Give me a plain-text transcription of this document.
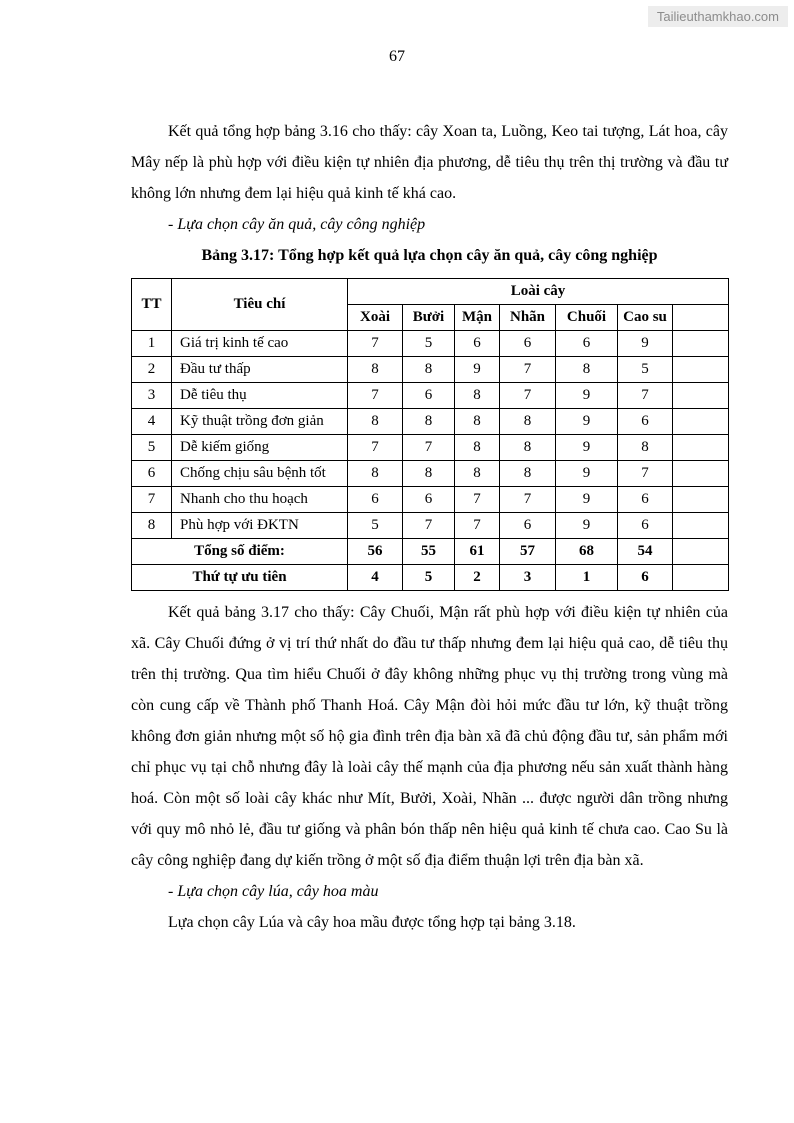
Tailieuthamkhao.com
67

Kết quả tổng hợp bảng 3.16 cho thấy: cây Xoan ta, Luồng, Keo tai tượng, Lát hoa, cây Mây nếp là phù hợp với điều kiện tự nhiên địa phương, dễ tiêu thụ trên thị trường và đầu tư không lớn nhưng đem lại hiệu quả kinh tế khá cao.

- Lựa chọn cây ăn quả, cây công nghiệp

Bảng 3.17: Tổng hợp kết quả lựa chọn cây ăn quả, cây công nghiệp

TT	Tiêu chí	Loài cây						
		Xoài	Bưởi	Mận	Nhãn	Chuối	Cao su	
1	Giá trị kinh tế cao	7	5	6	6	6	9	
2	Đầu tư thấp	8	8	9	7	8	5	
3	Dễ tiêu thụ	7	6	8	7	9	7	
4	Kỹ thuật trồng đơn giản	8	8	8	8	9	6	
5	Dễ kiếm giống	7	7	8	8	9	8	
6	Chống chịu sâu bệnh tốt	8	8	8	8	9	7	
7	Nhanh cho thu hoạch	6	6	7	7	9	6	
8	Phù hợp với ĐKTN	5	7	7	6	9	6	
Tổng số điểm:		56	55	61	57	68	54	
Thứ tự ưu tiên		4	5	2	3	1	6	

Kết quả bảng 3.17 cho thấy: Cây Chuối, Mận rất phù hợp với điều kiện tự nhiên của xã. Cây Chuối đứng ở vị trí thứ nhất do đầu tư thấp nhưng đem lại hiệu quả cao, dễ tiêu thụ trên thị trường. Qua tìm hiểu Chuối ở đây không những phục vụ thị trường trong vùng mà còn cung cấp về Thành phố Thanh Hoá. Cây Mận đòi hỏi mức đầu tư lớn, kỹ thuật trồng không đơn giản nhưng một số hộ gia đình trên địa bàn xã đã chủ động đầu tư, sản phẩm mới chỉ phục vụ tại chỗ nhưng đây là loài cây thế mạnh của địa phương nếu sản xuất thành hàng hoá. Còn một số loài cây khác như Mít, Bưởi, Xoài, Nhãn ... được người dân trồng nhưng với quy mô nhỏ lẻ, đầu tư giống và phân bón thấp nên hiệu quả kinh tế chưa cao. Cao Su là cây công nghiệp đang dự kiến trồng ở một số địa điểm thuận lợi trên địa bàn xã.

- Lựa chọn cây lúa, cây hoa màu

Lựa chọn cây Lúa và cây hoa mầu được tổng hợp tại bảng 3.18.
